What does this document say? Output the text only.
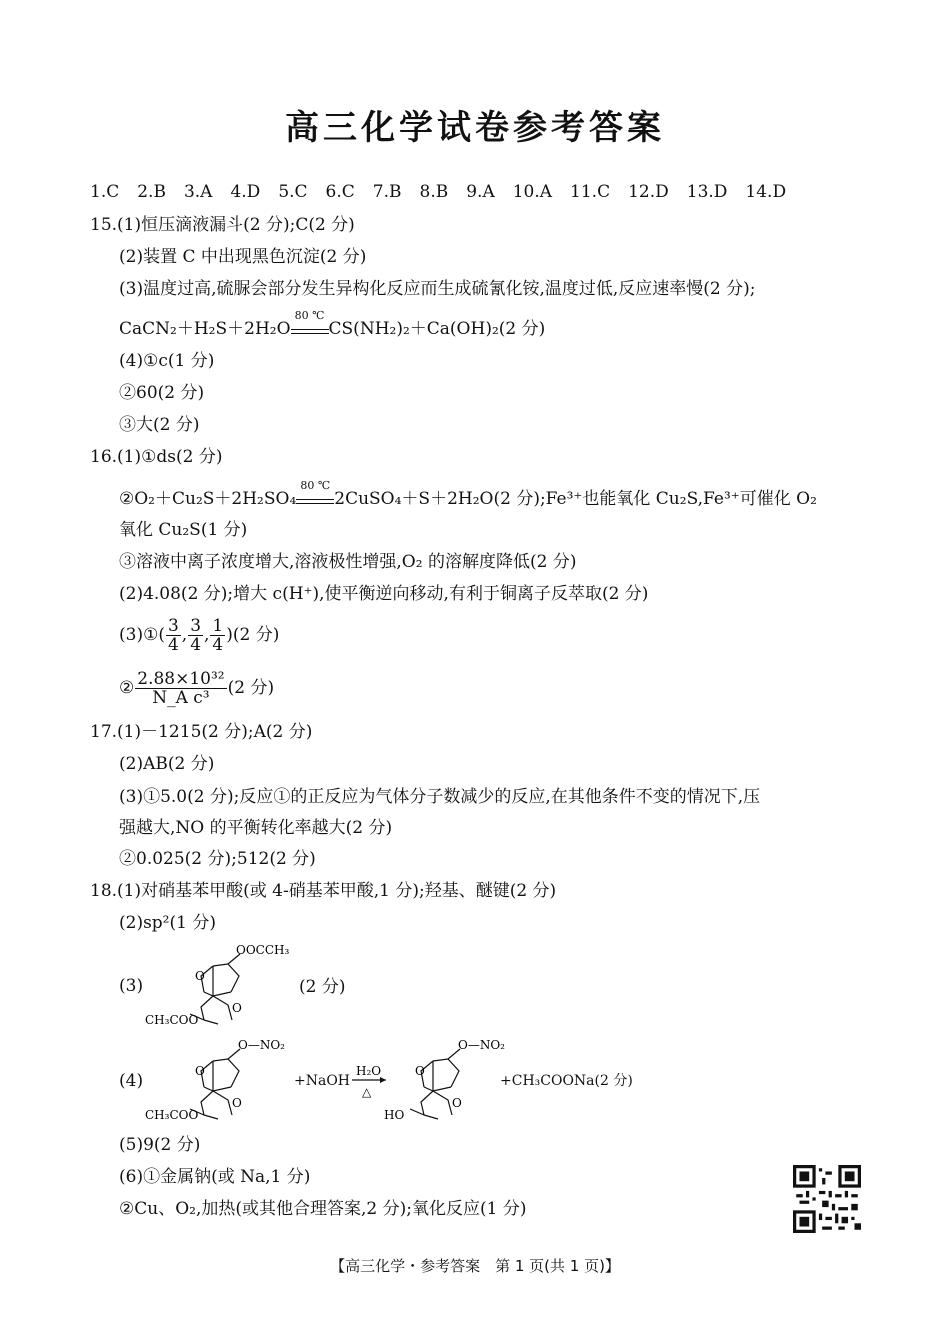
高三化学试卷参考答案
1.C 2.B 3.A 4.D 5.C 6.C 7.B 8.B 9.A 10.A 11.C 12.D 13.D 14.D
15.(1)恒压滴液漏斗(2 分);C(2 分)
(2)装置 C 中出现黑色沉淀(2 分)
(3)温度过高,硫脲会部分发生异构化反应而生成硫氰化铵,温度过低,反应速率慢(2 分);
CaCN₂＋H₂S＋2H₂O
80 ℃
CS(NH₂)₂＋Ca(OH)₂(2 分)
(4)①c(1 分)
②60(2 分)
③大(2 分)
16.(1)①ds(2 分)
②O₂＋Cu₂S＋2H₂SO₄
80 ℃
2CuSO₄＋S＋2H₂O(2 分);Fe³⁺也能氧化 Cu₂S,Fe³⁺可催化 O₂
氧化 Cu₂S(1 分)
③溶液中离子浓度增大,溶液极性增强,O₂ 的溶解度降低(2 分)
(2)4.08(2 分);增大 c(H⁺),使平衡逆向移动,有利于铜离子反萃取(2 分)
(3)①( $\frac{3}{4}$ , $\frac{3}{4}$ , $\frac{1}{4} )(2$ 分)
② $\frac{\text{2.88×10³²}}{\text{N\_A c³}} (2$ 分)
17.(1)－1215(2 分);A(2 分)
(2)AB(2 分)
(3)①5.0(2 分);反应①的正反应为气体分子数减少的反应,在其他条件不变的情况下,压
强越大,NO 的平衡转化率越大(2 分)
②0.025(2 分);512(2 分)
18.(1)对硝基苯甲酸(或 4-硝基苯甲酸,1 分);羟基、醚键(2 分)
(2)sp²(1 分)
(3)
OOCCH₃
CH₃COO
O
O
(2 分)
(4)
O—NO₂
CH₃COO
O
O
+NaOH
H₂O
△
O—NO₂
HO
O
O
+CH₃COONa(2 分)
(5)9(2 分)
(6)①金属钠(或 Na,1 分)
②Cu、O₂,加热(或其他合理答案,2 分);氧化反应(1 分)
【高三化学・参考答案　第 1 页(共 1 页)】
